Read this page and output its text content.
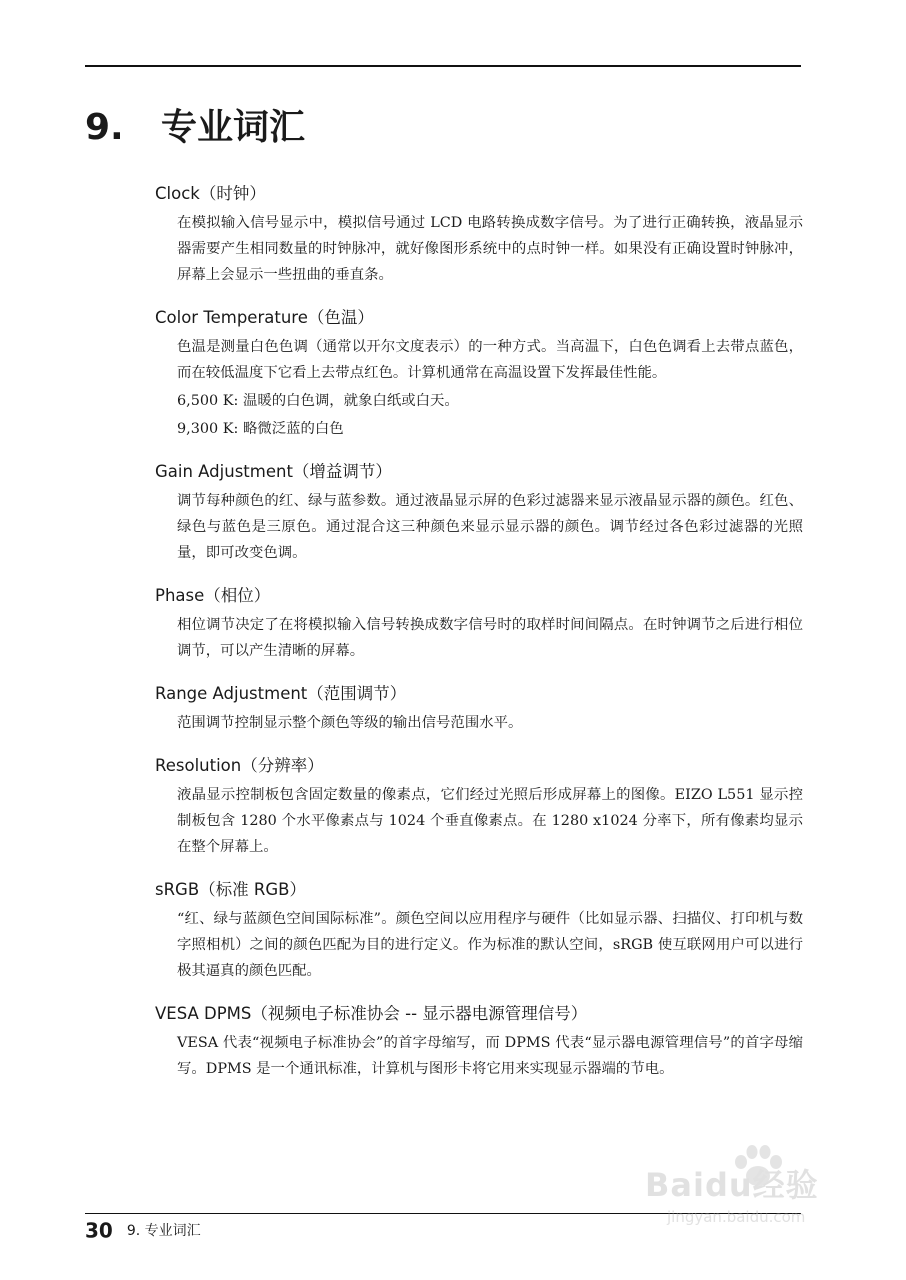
9. 专业词汇
Clock（时钟）
在模拟输入信号显示中，模拟信号通过 LCD 电路转换成数字信号。为了进行正确转换，液晶显示器需要产生相同数量的时钟脉冲，就好像图形系统中的点时钟一样。如果没有正确设置时钟脉冲，屏幕上会显示一些扭曲的垂直条。
Color Temperature（色温）
色温是测量白色色调（通常以开尔文度表示）的一种方式。当高温下，白色色调看上去带点蓝色，而在较低温度下它看上去带点红色。计算机通常在高温设置下发挥最佳性能。
6,500 K: 温暖的白色调，就象白纸或白天。
9,300 K: 略微泛蓝的白色
Gain Adjustment（增益调节）
调节每种颜色的红、绿与蓝参数。通过液晶显示屏的色彩过滤器来显示液晶显示器的颜色。红色、绿色与蓝色是三原色。通过混合这三种颜色来显示显示器的颜色。调节经过各色彩过滤器的光照量，即可改变色调。
Phase（相位）
相位调节决定了在将模拟输入信号转换成数字信号时的取样时间间隔点。在时钟调节之后进行相位调节，可以产生清晰的屏幕。
Range Adjustment（范围调节）
范围调节控制显示整个颜色等级的输出信号范围水平。
Resolution（分辨率）
液晶显示控制板包含固定数量的像素点，它们经过光照后形成屏幕上的图像。EIZO L551 显示控制板包含 1280 个水平像素点与 1024 个垂直像素点。在 1280 x1024 分率下，所有像素均显示在整个屏幕上。
sRGB（标准 RGB）
“红、绿与蓝颜色空间国际标准”。颜色空间以应用程序与硬件（比如显示器、扫描仪、打印机与数字照相机）之间的颜色匹配为目的进行定义。作为标准的默认空间，sRGB 使互联网用户可以进行极其逼真的颜色匹配。
VESA DPMS（视频电子标准协会 -- 显示器电源管理信号）
VESA 代表“视频电子标准协会”的首字母缩写，而 DPMS 代表“显示器电源管理信号”的首字母缩写。DPMS 是一个通讯标准，计算机与图形卡将它用来实现显示器端的节电。
30 9. 专业词汇
Baidu经验
jingyan.baidu.com
